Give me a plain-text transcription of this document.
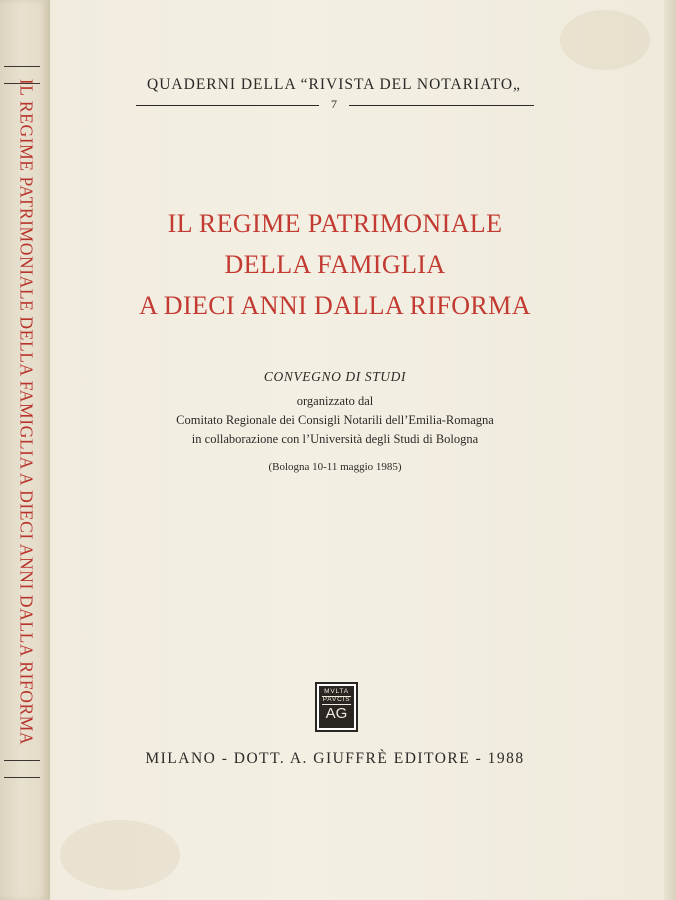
IL REGIME PATRIMONIALE DELLA FAMIGLIA A DIECI ANNI DALLA RIFORMA	QUADERNI DELLA “RIVISTA DEL NOTARIATO„
7
IL REGIME PATRIMONIALE
DELLA FAMIGLIA
A DIECI ANNI DALLA RIFORMA
CONVEGNO DI STUDI
organizzato dal
Comitato Regionale dei Consigli Notarili dell’Emilia-Romagna
in collaborazione con l’Università degli Studi di Bologna
(Bologna 10-11 maggio 1985)
MVLTA
PAVCIS
AG
MILANO - DOTT. A. GIUFFRÈ EDITORE - 1988
